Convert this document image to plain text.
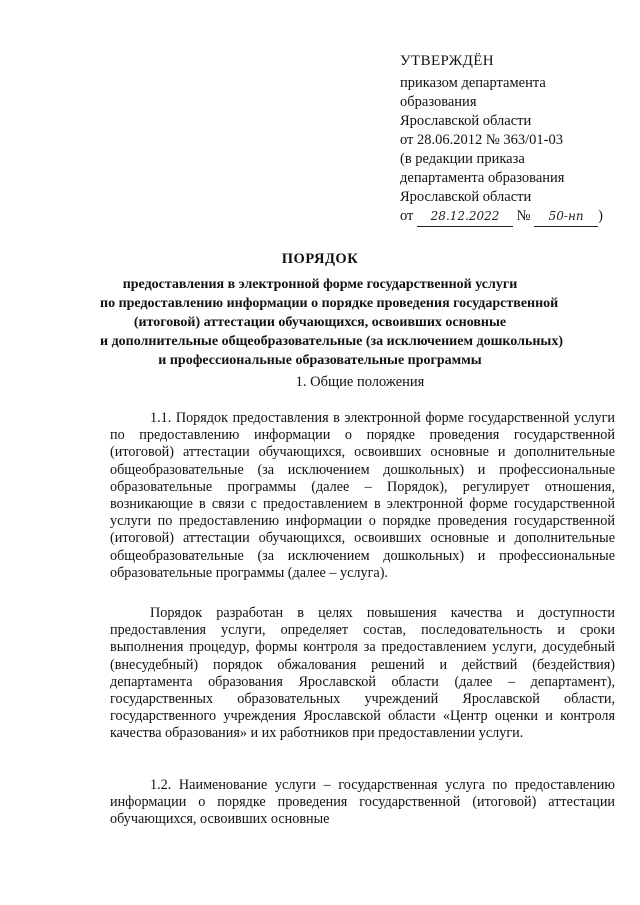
УТВЕРЖДЁН
приказом департамента
образования
Ярославской области
от 28.06.2012 № 363/01-03
(в редакции приказа
департамента образования
Ярославской области
от 28.12.2022 № 50-нп )
ПОРЯДОК
предоставления в электронной форме государственной услуги
по предоставлению информации о порядке проведения государственной
(итоговой) аттестации обучающихся, освоивших основные
и дополнительные общеобразовательные (за исключением дошкольных)
и профессиональные образовательные программы
1. Общие положения
1.1. Порядок предоставления в электронной форме государственной услуги по предоставлению информации о порядке проведения государственной (итоговой) аттестации обучающихся, освоивших основные и дополнительные общеобразовательные (за исключением дошкольных) и профессиональные образовательные программы (далее – Порядок), регулирует отношения, возникающие в связи с предоставлением в электронной форме государственной услуги по предоставлению информации о порядке проведения государственной (итоговой) аттестации обучающихся, освоивших основные и дополнительные общеобразовательные (за исключением дошкольных) и профессиональные образовательные программы (далее – услуга).
Порядок разработан в целях повышения качества и доступности предоставления услуги, определяет состав, последовательность и сроки выполнения процедур, формы контроля за предоставлением услуги, досудебный (внесудебный) порядок обжалования решений и действий (бездействия) департамента образования Ярославской области (далее – департамент), государственных образовательных учреждений Ярославской области, государственного учреждения Ярославской области «Центр оценки и контроля качества образования» и их работников при предоставлении услуги.
1.2. Наименование услуги – государственная услуга по предоставлению информации о порядке проведения государственной (итоговой) аттестации обучающихся, освоивших основные
